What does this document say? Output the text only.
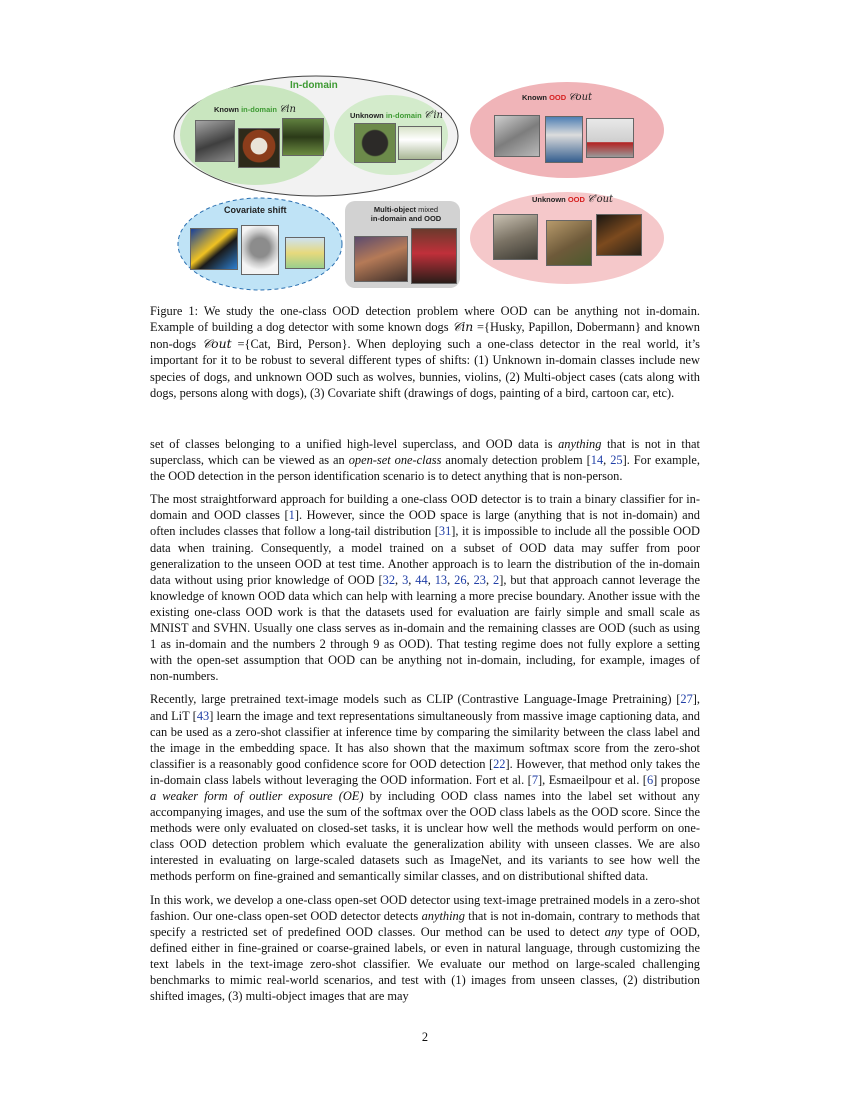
In-domain
Known in-domain 𝒞in
Unknown in-domain 𝒞′in
Known OOD 𝒞out
Unknown OOD 𝒞′out
Covariate shift	Multi-object mixed
in-domain and OOD
Figure 1: We study the one-class OOD detection problem where OOD can be anything not in-domain. Example of building a dog detector with some known dogs 𝒞in ={Husky, Papillon, Dobermann} and known non-dogs 𝒞out ={Cat, Bird, Person}. When deploying such a one-class detector in the real world, it’s important for it to be robust to several different types of shifts: (1) Unknown in-domain classes include new species of dogs, and unknown OOD such as wolves, bunnies, violins, (2) Multi-object cases (cats along with dogs, persons along with dogs), (3) Covariate shift (drawings of dogs, painting of a bird, cartoon car, etc).

set of classes belonging to a unified high-level superclass, and OOD data is anything that is not in that superclass, which can be viewed as an open-set one-class anomaly detection problem [14, 25]. For example, the OOD detection in the person identification scenario is to detect anything that is non-person.

The most straightforward approach for building a one-class OOD detector is to train a binary classifier for in-domain and OOD classes [1]. However, since the OOD space is large (anything that is not in-domain) and often includes classes that follow a long-tail distribution [31], it is impossible to include all the possible OOD data when training. Consequently, a model trained on a subset of OOD data may suffer from poor generalization to the unseen OOD at test time. Another approach is to learn the distribution of the in-domain data without using prior knowledge of OOD [32, 3, 44, 13, 26, 23, 2], but that approach cannot leverage the knowledge of known OOD data which can help with learning a more precise boundary. Another issue with the existing one-class OOD work is that the datasets used for evaluation are fairly simple and small scale as MNIST and SVHN. Usually one class serves as in-domain and the remaining classes are OOD (such as using 1 as in-domain and the numbers 2 through 9 as OOD). That testing regime does not fully explore a setting with the open-set assumption that OOD can be anything not in-domain, including, for example, images of non-numbers.

Recently, large pretrained text-image models such as CLIP (Contrastive Language-Image Pretraining) [27], and LiT [43] learn the image and text representations simultaneously from massive image captioning data, and can be used as a zero-shot classifier at inference time by comparing the similarity between the class label and the image in the embedding space. It has also shown that the maximum softmax score from the zero-shot classifier is a reasonably good confidence score for OOD detection [22]. However, that method only takes the in-domain class labels without leveraging the OOD information. Fort et al. [7], Esmaeilpour et al. [6] propose a weaker form of outlier exposure (OE) by including OOD class names into the label set without any accompanying images, and use the sum of the softmax over the OOD class labels as the OOD score. Since the methods were only evaluated on closed-set tasks, it is unclear how well the methods would perform on one-class OOD detection problem which evaluate the generalization ability with unseen classes. We are also interested in evaluating on large-scaled datasets such as ImageNet, and its variants to see how well the methods perform on fine-grained and semantically similar classes, and on distributional shifted data.

In this work, we develop a one-class open-set OOD detector using text-image pretrained models in a zero-shot fashion. Our one-class open-set OOD detector detects anything that is not in-domain, contrary to methods that specify a restricted set of predefined OOD classes. Our method can be used to detect any type of OOD, defined either in fine-grained or coarse-grained labels, or even in natural language, through customizing the text labels in the text-image zero-shot classifier. We evaluate our method on large-scaled challenging benchmarks to mimic real-world scenarios, and test with (1) images from unseen classes, (2) distribution shifted images, (3) multi-object images that are may

2
